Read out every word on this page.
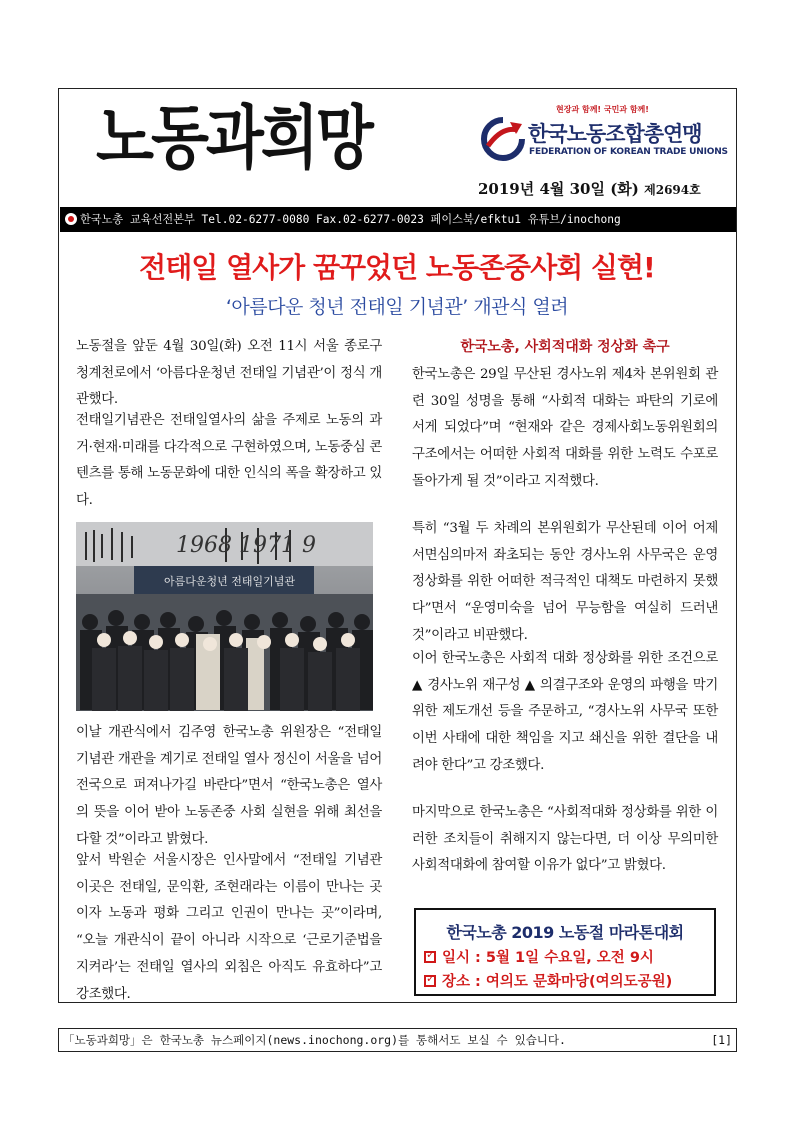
노동과희망	현장과 함께! 국민과 함께!
한국노동조합총연맹
FEDERATION OF KOREAN TRADE UNIONS
2019년 4월 30일 (화) 제2694호
한국노총 교육선전본부 Tel.02-6277-0080 Fax.02-6277-0023 페이스북/efktu1 유튜브/inochong
전태일 열사가 꿈꾸었던 노동존중사회 실현!
‘아름다운 청년 전태일 기념관’ 개관식 열려

노동절을 앞둔 4월 30일(화) 오전 11시 서울 종로구 청계천로에서 ‘아름다운청년 전태일 기념관’이 정식 개관했다.

전태일기념관은 전태일열사의 삶을 주제로 노동의 과거·현재·미래를 다각적으로 구현하였으며, 노동중심 콘텐츠를 통해 노동문화에 대한 인식의 폭을 확장하고 있다.

1968 1971 9
아름다운청년 전태일기념관

이날 개관식에서 김주영 한국노총 위원장은 “전태일 기념관 개관을 계기로 전태일 열사 정신이 서울을 넘어 전국으로 퍼져나가길 바란다”면서 “한국노총은 열사의 뜻을 이어 받아 노동존중 사회 실현을 위해 최선을 다할 것”이라고 밝혔다.

앞서 박원순 서울시장은 인사말에서 “전태일 기념관 이곳은 전태일, 문익환, 조현래라는 이름이 만나는 곳이자 노동과 평화 그리고 인권이 만나는 곳”이라며, “오늘 개관식이 끝이 아니라 시작으로 ‘근로기준법을 지켜라’는 전태일 열사의 외침은 아직도 유효하다”고 강조했다.

한국노총, 사회적대화 정상화 촉구

한국노총은 29일 무산된 경사노위 제4차 본위원회 관련 30일 성명을 통해 “사회적 대화는 파탄의 기로에 서게 되었다”며 “현재와 같은 경제사회노동위원회의 구조에서는 어떠한 사회적 대화를 위한 노력도 수포로 돌아가게 될 것”이라고 지적했다.

특히 “3월 두 차례의 본위원회가 무산된데 이어 어제 서면심의마저 좌초되는 동안 경사노위 사무국은 운영 정상화를 위한 어떠한 적극적인 대책도 마련하지 못했다”면서 “운영미숙을 넘어 무능함을 여실히 드러낸 것”이라고 비판했다.

이어 한국노총은 사회적 대화 정상화를 위한 조건으로 ▲ 경사노위 재구성 ▲ 의결구조와 운영의 파행을 막기 위한 제도개선 등을 주문하고, “경사노위 사무국 또한 이번 사태에 대한 책임을 지고 쇄신을 위한 결단을 내려야 한다”고 강조했다.

마지막으로 한국노총은 “사회적대화 정상화를 위한 이러한 조치들이 취해지지 않는다면, 더 이상 무의미한 사회적대화에 참여할 이유가 없다”고 밝혔다.

한국노총 2019 노동절 마라톤대회
✓일시 : 5월 1일 수요일, 오전 9시
✓장소 : 여의도 문화마당(여의도공원)
「노동과희망」은 한국노총 뉴스페이지(news.inochong.org)를 통해서도 보실 수 있습니다.	[1]
